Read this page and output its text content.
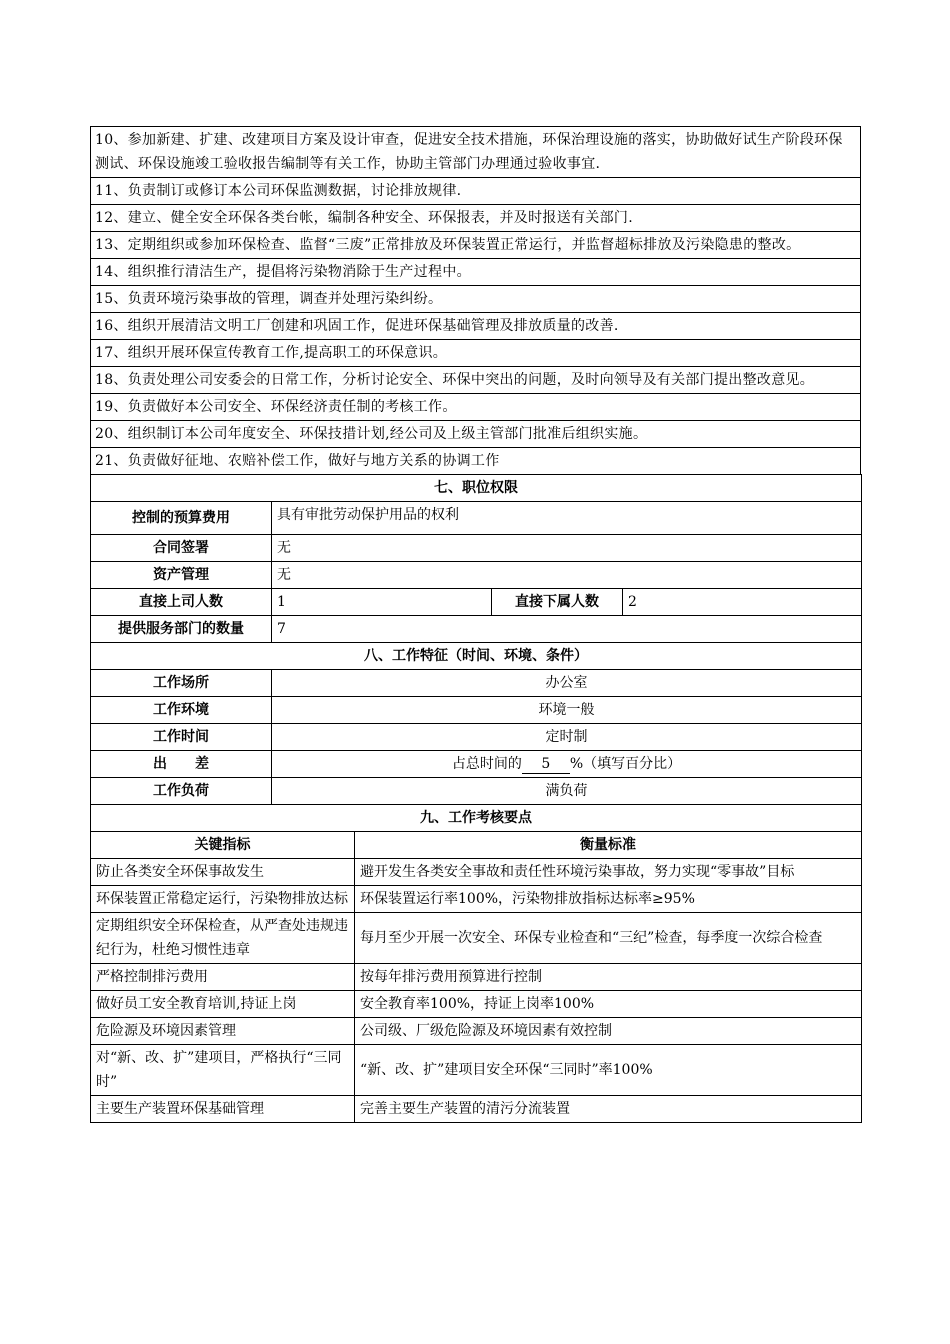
10、参加新建、扩建、改建项目方案及设计审查，促进安全技术措施，环保治理设施的落实，协助做好试生产阶段环保测试、环保设施竣工验收报告编制等有关工作，协助主管部门办理通过验收事宜.
11、负责制订或修订本公司环保监测数据，讨论排放规律.
12、建立、健全安全环保各类台帐，编制各种安全、环保报表，并及时报送有关部门.
13、定期组织或参加环保检查、监督“三废”正常排放及环保装置正常运行，并监督超标排放及污染隐患的整改。
14、组织推行清洁生产，提倡将污染物消除于生产过程中。
15、负责环境污染事故的管理，调查并处理污染纠纷。
16、组织开展清洁文明工厂创建和巩固工作，促进环保基础管理及排放质量的改善.
17、组织开展环保宣传教育工作,提高职工的环保意识。
18、负责处理公司安委会的日常工作，分析讨论安全、环保中突出的问题，及时向领导及有关部门提出整改意见。
19、负责做好本公司安全、环保经济责任制的考核工作。
20、组织制订本公司年度安全、环保技措计划,经公司及上级主管部门批准后组织实施。
21、负责做好征地、农赔补偿工作，做好与地方关系的协调工作
七、职位权限			
控制的预算费用	具有审批劳动保护用品的权利		
合同签署	无		
资产管理	无		
直接上司人数	1	直接下属人数	2
提供服务部门的数量	7		
八、工作特征（时间、环境、条件）	
工作场所	办公室
工作环境	环境一般
工作时间	定时制
出　　差	占总时间的 5 %（填写百分比）
工作负荷	满负荷
九、工作考核要点	
关键指标	衡量标准
防止各类安全环保事故发生	避开发生各类安全事故和责任性环境污染事故，努力实现“零事故”目标
环保装置正常稳定运行，污染物排放达标	环保装置运行率100%，污染物排放指标达标率≥95%
定期组织安全环保检查，从严查处违规违纪行为，杜绝习惯性违章	每月至少开展一次安全、环保专业检查和“三纪”检查，每季度一次综合检查
严格控制排污费用	按每年排污费用预算进行控制
做好员工安全教育培训,持证上岗	安全教育率100%，持证上岗率100%
危险源及环境因素管理	公司级、厂级危险源及环境因素有效控制
对“新、改、扩”建项目，严格执行“三同时”	“新、改、扩”建项目安全环保“三同时”率100%
主要生产装置环保基础管理	完善主要生产装置的清污分流装置
